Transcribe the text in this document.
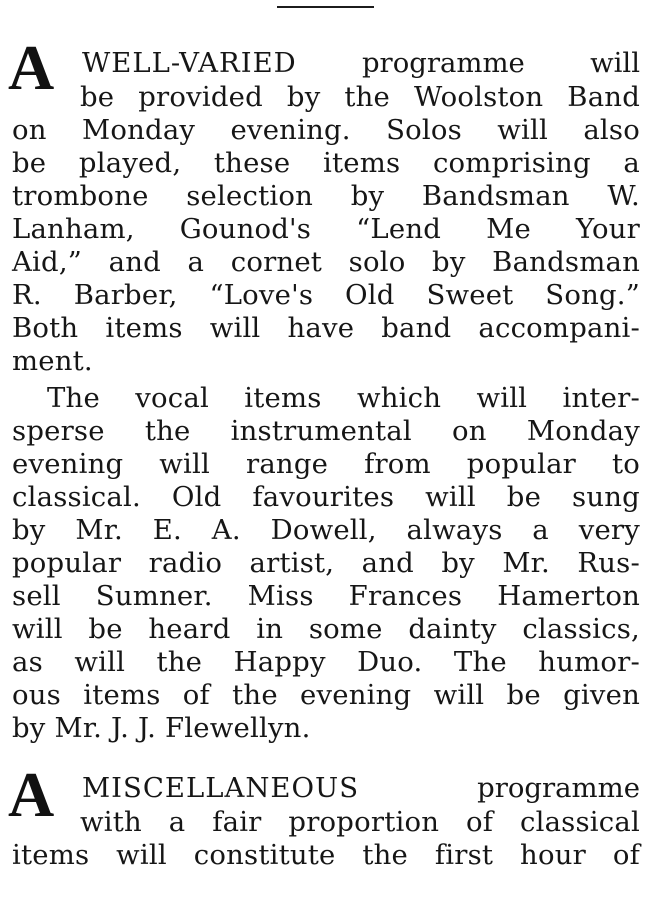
A WELL-VARIED programme will
be provided by the Woolston Band
on Monday evening. Solos will also
be played, these items comprising a
trombone selection by Bandsman W.
Lanham, Gounod's “Lend Me Your
Aid,” and a cornet solo by Bandsman
R. Barber, “Love's Old Sweet Song.”
Both items will have band accompani-
ment.
The vocal items which will inter-
sperse the instrumental on Monday
evening will range from popular to
classical. Old favourites will be sung
by Mr. E. A. Dowell, always a very
popular radio artist, and by Mr. Rus-
sell Sumner. Miss Frances Hamerton
will be heard in some dainty classics,
as will the Happy Duo. The humor-
ous items of the evening will be given
by Mr. J. J. Flewellyn.
A MISCELLANEOUS	programme
with a fair proportion of classical
items will constitute the first hour of
